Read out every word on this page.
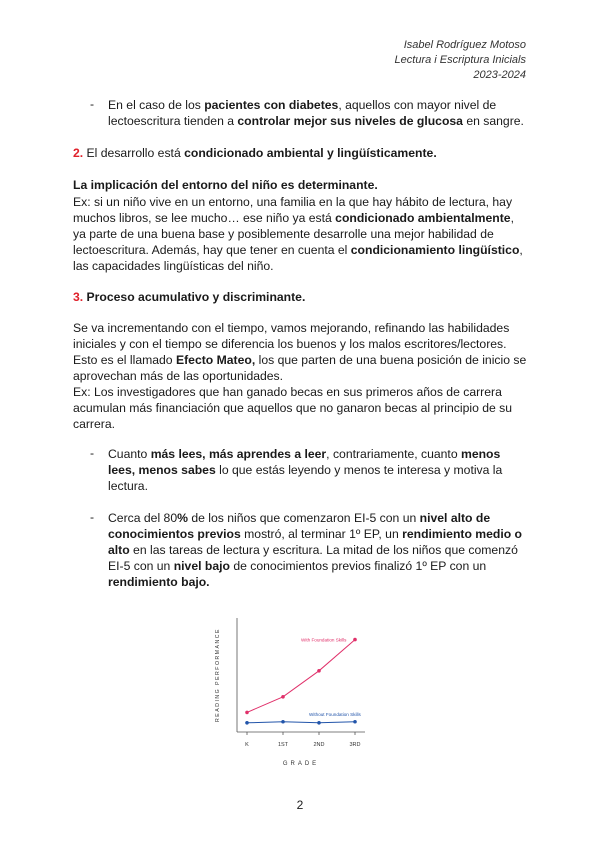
Isabel Rodríguez Motoso
Lectura i Escriptura Inicials
2023-2024
-	En el caso de los pacientes con diabetes, aquellos con mayor nivel de lectoescritura tienden a controlar mejor sus niveles de glucosa en sangre.
2. El desarrollo está condicionado ambiental y lingüísticamente.
La implicación del entorno del niño es determinante.
Ex: si un niño vive en un entorno, una familia en la que hay hábito de lectura, hay muchos libros, se lee mucho… ese niño ya está condicionado ambientalmente, ya parte de una buena base y posiblemente desarrolle una mejor habilidad de lectoescritura. Además, hay que tener en cuenta el condicionamiento lingüístico, las capacidades lingüísticas del niño.
3. Proceso acumulativo y discriminante.
Se va incrementando con el tiempo, vamos mejorando, refinando las habilidades iniciales y con el tiempo se diferencia los buenos y los malos escritores/lectores. Esto es el llamado Efecto Mateo, los que parten de una buena posición de inicio se aprovechan más de las oportunidades.
Ex: Los investigadores que han ganado becas en sus primeros años de carrera acumulan más financiación que aquellos que no ganaron becas al principio de su carrera.
-	Cuanto más lees, más aprendes a leer, contrariamente, cuanto menos lees, menos sabes lo que estás leyendo y menos te interesa y motiva la lectura.
-	Cerca del 80% de los niños que comenzaron EI-5 con un nivel alto de conocimientos previos mostró, al terminar 1º EP, un rendimiento medio o alto en las tareas de lectura y escritura. La mitad de los niños que comenzó EI-5 con un nivel bajo de conocimientos previos finalizó 1º EP con un rendimiento bajo.
READING PERFORMANCE
GRADE
K	1ST	2ND	3RD
With Foundation Skills
Without Foundation Skills
2
